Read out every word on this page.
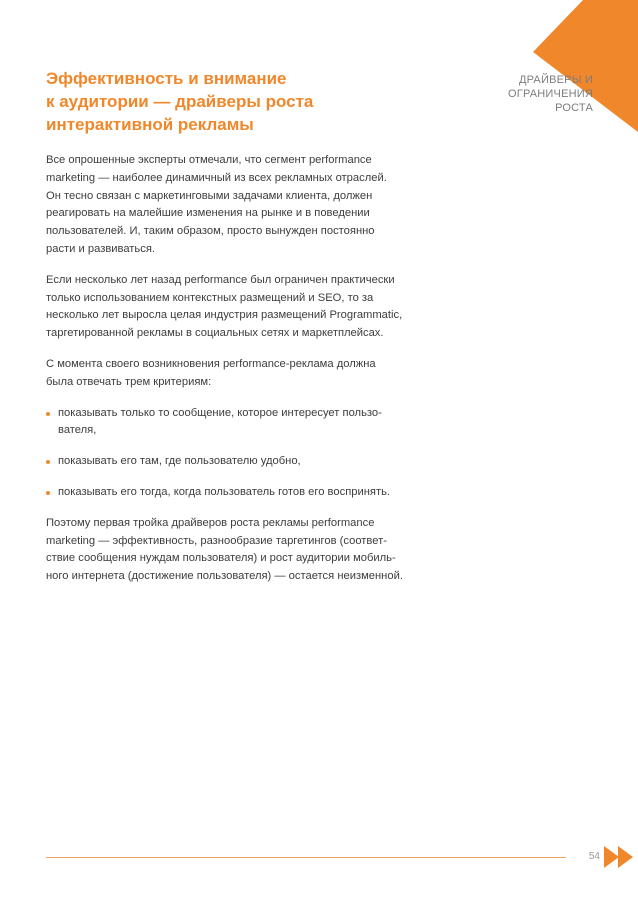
ДРАЙВЕРЫ И
ОГРАНИЧЕНИЯ
РОСТА
Эффективность и внимание
к аудитории — драйверы роста
интерактивной рекламы
Все опрошенные эксперты отмечали, что сегмент performance
marketing — наиболее динамичный из всех рекламных отраслей.
Он тесно связан с маркетинговыми задачами клиента, должен
реагировать на малейшие изменения на рынке и в поведении
пользователей. И, таким образом, просто вынужден постоянно
расти и развиваться.
Если несколько лет назад performance был ограничен практически
только использованием контекстных размещений и SEO, то за
несколько лет выросла целая индустрия размещений Programmatic,
таргетированной рекламы в социальных сетях и маркетплейсах.
С момента своего возникновения performance-реклама должна
была отвечать трем критериям:
показывать только то сообщение, которое интересует пользо-
вателя,
показывать его там, где пользователю удобно,
показывать его тогда, когда пользователь готов его воспринять.
Поэтому первая тройка драйверов роста рекламы performance
marketing — эффективность, разнообразие таргетингов (соответ-
ствие сообщения нуждам пользователя) и рост аудитории мобиль-
ного интернета (достижение пользователя) — остается неизменной.
54
